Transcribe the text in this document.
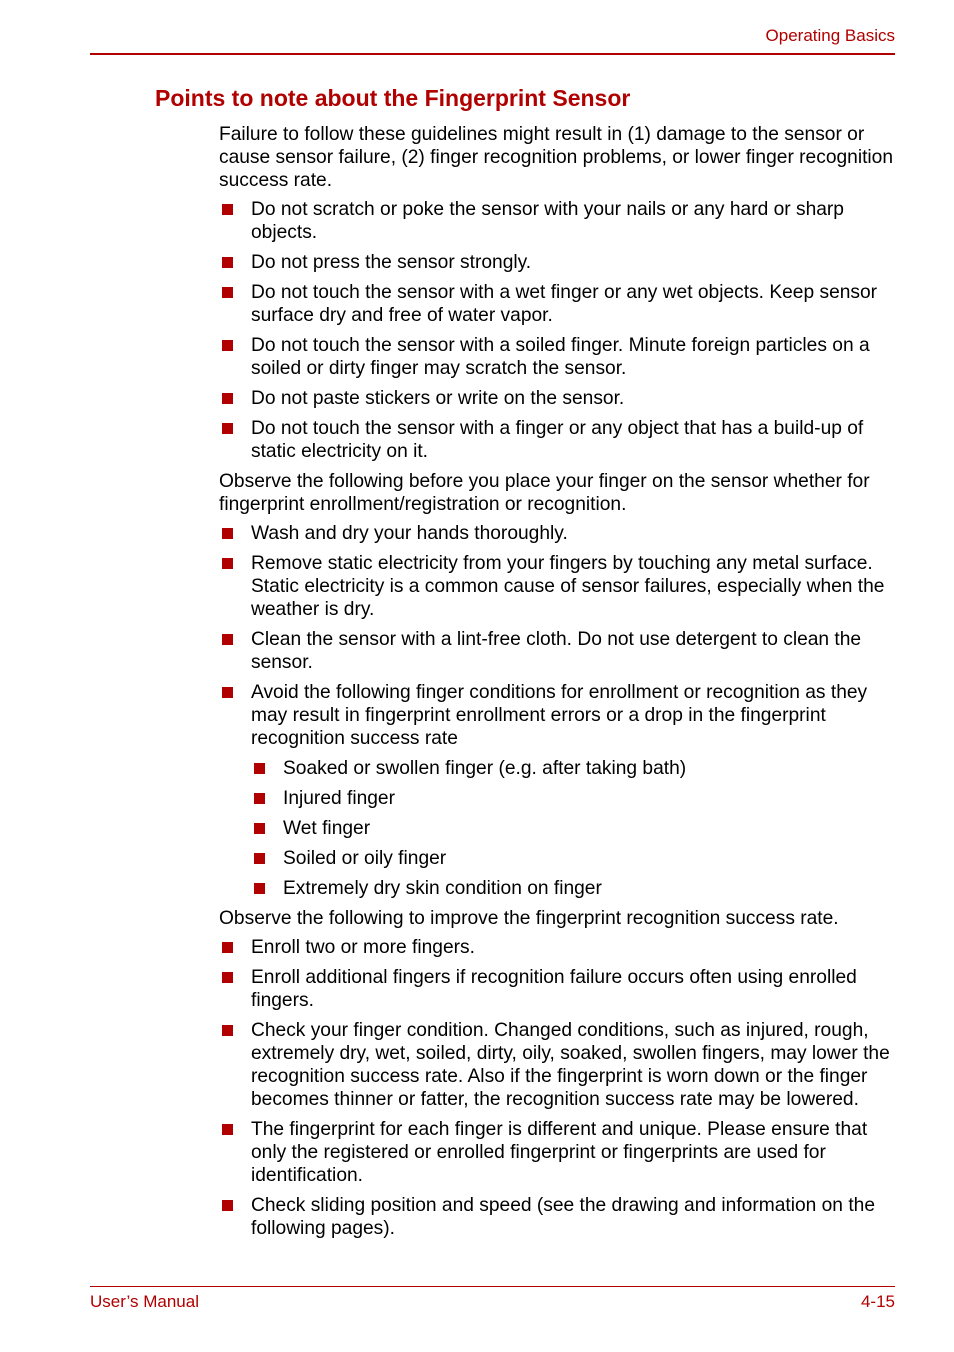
Operating Basics
Points to note about the Fingerprint Sensor

Failure to follow these guidelines might result in (1) damage to the sensor or cause sensor failure, (2) finger recognition problems, or lower finger recognition success rate.

Do not scratch or poke the sensor with your nails or any hard or sharp objects.
Do not press the sensor strongly.
Do not touch the sensor with a wet finger or any wet objects. Keep sensor surface dry and free of water vapor.
Do not touch the sensor with a soiled finger. Minute foreign particles on a soiled or dirty finger may scratch the sensor.
Do not paste stickers or write on the sensor.
Do not touch the sensor with a finger or any object that has a build-up of static electricity on it.

Observe the following before you place your finger on the sensor whether for fingerprint enrollment/registration or recognition.

Wash and dry your hands thoroughly.
Remove static electricity from your fingers by touching any metal surface. Static electricity is a common cause of sensor failures, especially when the weather is dry.
Clean the sensor with a lint-free cloth. Do not use detergent to clean the sensor.
Avoid the following finger conditions for enrollment or recognition as they may result in fingerprint enrollment errors or a drop in the fingerprint recognition success rate
Soaked or swollen finger (e.g. after taking bath)
Injured finger
Wet finger
Soiled or oily finger
Extremely dry skin condition on finger

Observe the following to improve the fingerprint recognition success rate.

Enroll two or more fingers.
Enroll additional fingers if recognition failure occurs often using enrolled fingers.
Check your finger condition. Changed conditions, such as injured, rough, extremely dry, wet, soiled, dirty, oily, soaked, swollen fingers, may lower the recognition success rate. Also if the fingerprint is worn down or the finger becomes thinner or fatter, the recognition success rate may be lowered.
The fingerprint for each finger is different and unique. Please ensure that only the registered or enrolled fingerprint or fingerprints are used for identification.
Check sliding position and speed (see the drawing and information on the following pages).
User’s Manual	4-15
